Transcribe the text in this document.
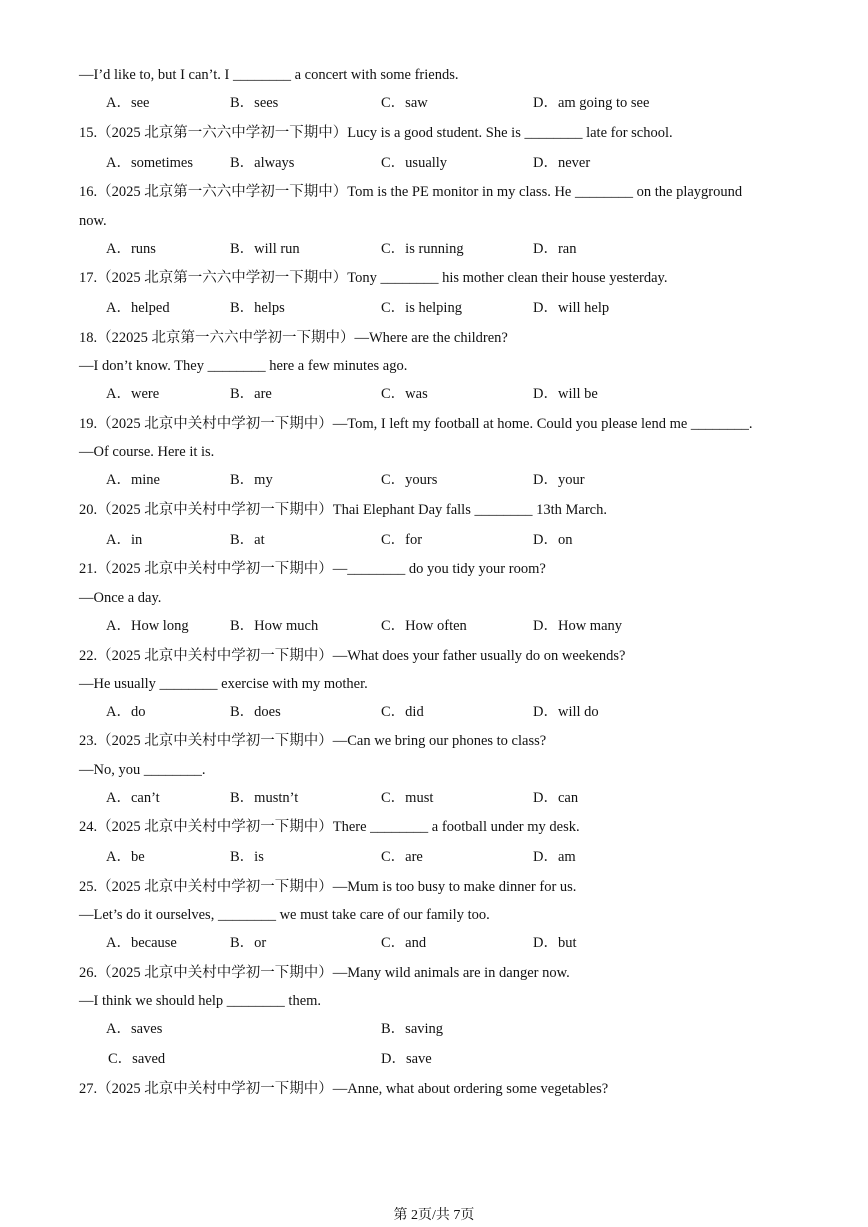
—I’d like to, but I can’t. I ________ a concert with some friends.
A．see	B．sees	C．saw	D．am going to see
15.（2025 北京第一六六中学初一下期中）Lucy is a good student. She is ________ late for school.
A．sometimes	B．always	C．usually	D．never
16.（2025 北京第一六六中学初一下期中）Tom is the PE monitor in my class. He ________ on the playground
now.
A．runs	B．will run	C．is running	D．ran
17.（2025 北京第一六六中学初一下期中）Tony ________ his mother clean their house yesterday.
A．helped	B．helps	C．is helping	D．will help
18.（22025 北京第一六六中学初一下期中）—Where are the children?
—I don’t know. They ________ here a few minutes ago.
A．were	B．are	C．was	D．will be
19.（2025 北京中关村中学初一下期中）—Tom, I left my football at home. Could you please lend me ________.
—Of course. Here it is.
A．mine	B．my	C．yours	D．your
20.（2025 北京中关村中学初一下期中）Thai Elephant Day falls ________ 13th March.
A．in	B．at	C．for	D．on
21.（2025 北京中关村中学初一下期中）—________ do you tidy your room?
—Once a day.
A．How long	B．How much	C．How often	D．How many
22.（2025 北京中关村中学初一下期中）—What does your father usually do on weekends?
—He usually ________ exercise with my mother.
A．do	B．does	C．did	D．will do
23.（2025 北京中关村中学初一下期中）—Can we bring our phones to class?
—No, you ________.
A．can’t	B．mustn’t	C．must	D．can
24.（2025 北京中关村中学初一下期中）There ________ a football under my desk.
A．be	B．is	C．are	D．am
25.（2025 北京中关村中学初一下期中）—Mum is too busy to make dinner for us.
—Let’s do it ourselves, ________ we must take care of our family too.
A．because	B．or	C．and	D．but
26.（2025 北京中关村中学初一下期中）—Many wild animals are in danger now.
—I think we should help ________ them.
A．saves	B．saving
C．saved	D．save
27.（2025 北京中关村中学初一下期中）—Anne, what about ordering some vegetables?
第 2页/共 7页
